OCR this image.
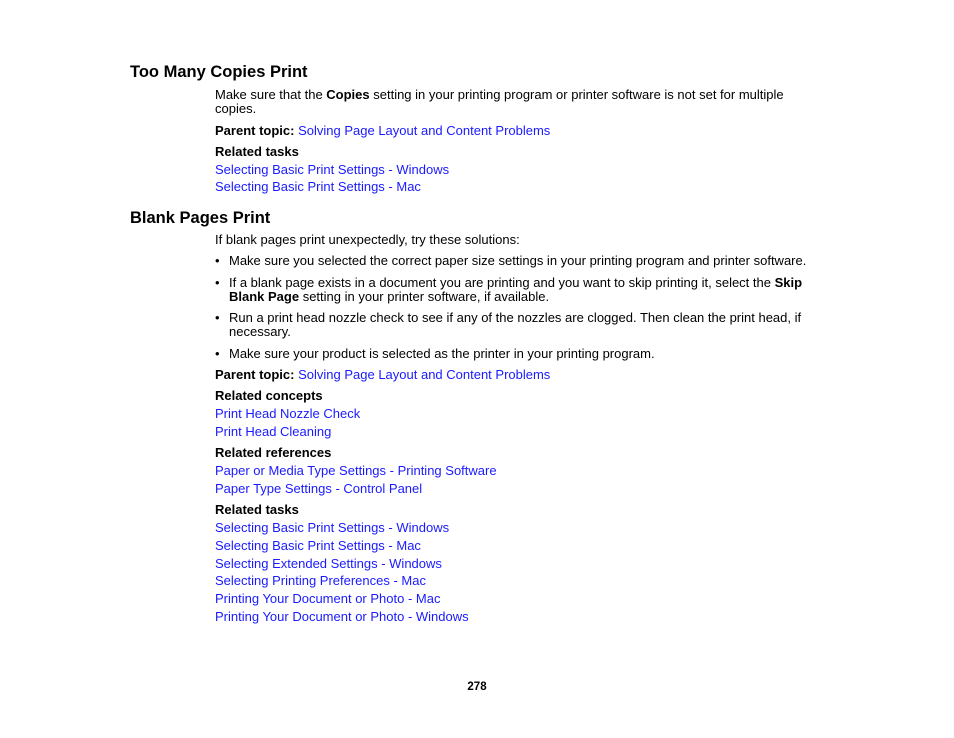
Too Many Copies Print

Make sure that the Copies setting in your printing program or printer software is not set for multiple
copies.

Parent topic: Solving Page Layout and Content Problems

Related tasks

Selecting Basic Print Settings - Windows

Selecting Basic Print Settings - Mac

Blank Pages Print

If blank pages print unexpectedly, try these solutions:

• Make sure you selected the correct paper size settings in your printing program and printer software.
• If a blank page exists in a document you are printing and you want to skip printing it, select the Skip
Blank Page setting in your printer software, if available.
• Run a print head nozzle check to see if any of the nozzles are clogged. Then clean the print head, if
necessary.
• Make sure your product is selected as the printer in your printing program.

Parent topic: Solving Page Layout and Content Problems

Related concepts

Print Head Nozzle Check

Print Head Cleaning

Related references

Paper or Media Type Settings - Printing Software

Paper Type Settings - Control Panel

Related tasks

Selecting Basic Print Settings - Windows

Selecting Basic Print Settings - Mac

Selecting Extended Settings - Windows

Selecting Printing Preferences - Mac

Printing Your Document or Photo - Mac

Printing Your Document or Photo - Windows

278
